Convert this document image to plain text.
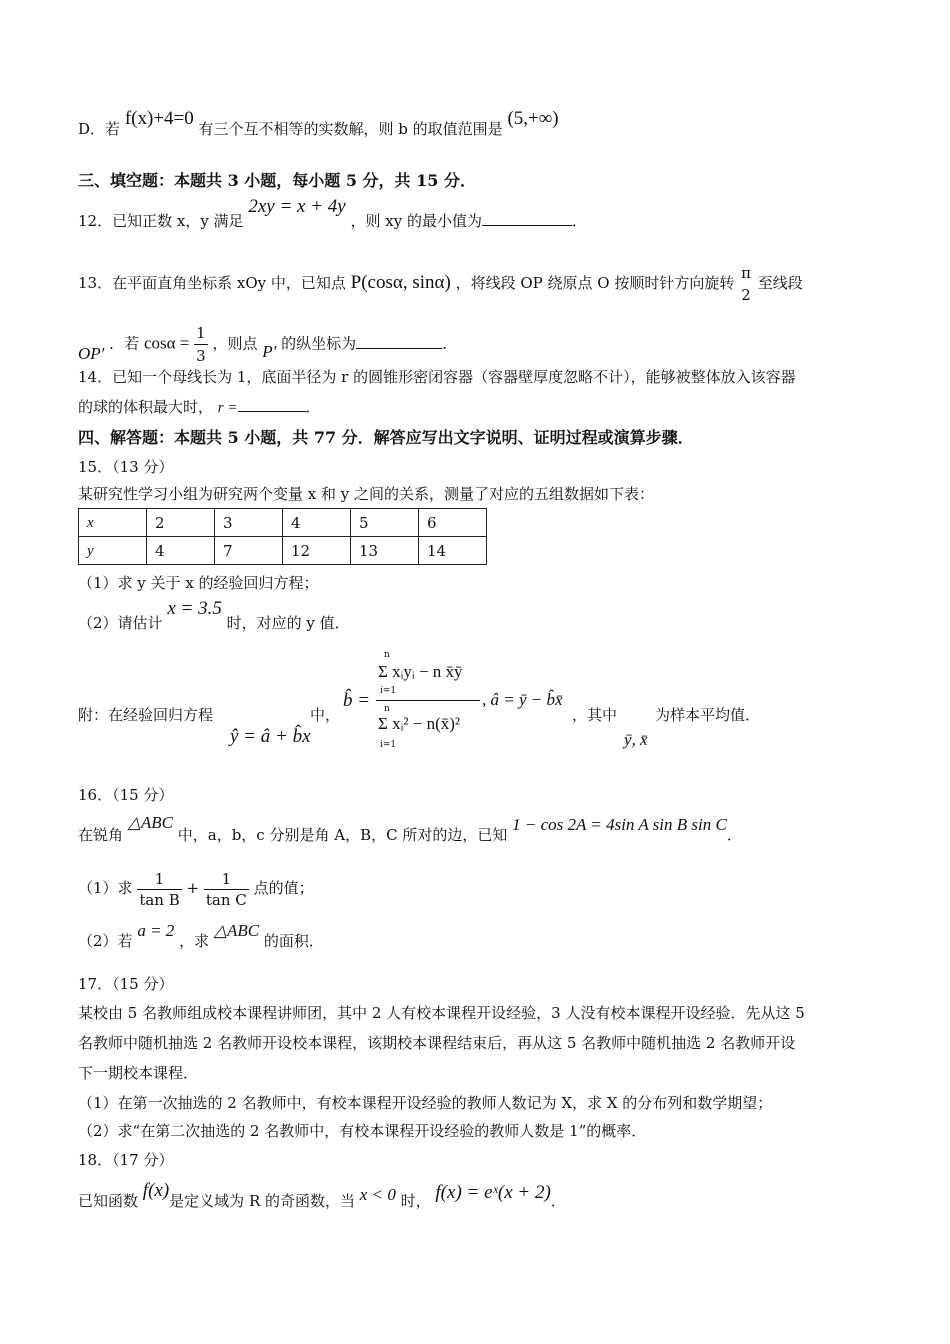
D．若 f(x)+4=0 有三个互不相等的实数解，则 b 的取值范围是 (5,+∞)
三、填空题：本题共 3 小题，每小题 5 分，共 15 分．
12．已知正数 x，y 满足 2xy = x + 4y ，则 xy 的最小值为	．
13．在平面直角坐标系 xOy 中，已知点 P(cosα, sinα) ，将线段 OP 绕原点 O 按顺时针方向旋转
π
2
至线段
OP′ ．若 $\cos\alpha = \frac{1}{3}$ ，则点 P′ 的纵坐标为	．
14．已知一个母线长为 1，底面半径为 r 的圆锥形密闭容器（容器壁厚度忽略不计），能够被整体放入该容器
的球的体积最大时， r =	．
四、解答题：本题共 5 小题，共 77 分．解答应写出文字说明、证明过程或演算步骤．
15．（13 分）
某研究性学习小组为研究两个变量 x 和 y 之间的关系，测量了对应的五组数据如下表：
x	2	3	4	5	6
y	4	7	12	13	14
（1）求 y 关于 x 的经验回归方程；
（2）请估计 x = 3.5 时，对应的 y 值．
附：在经验回归方程
ŷ = â + b̂x
中，
b̂ =
n
Σ xᵢyᵢ − n x̄ȳ
i=1
n
Σ xᵢ² − n(x̄)²
i=1
, â = ȳ − b̂x̄
，其中
ȳ, x̄
为样本平均值．
16．（15 分）
在锐角 △ABC 中，a，b，c 分别是角 A，B，C 所对的边，已知 1 − cos 2A = 4sin A sin B sin C．
（1）求 $\frac{1}{\text{tan B}} + \frac{1}{\text{tan C}}$ 点的值；
（2）若 a = 2 ，求 △ABC 的面积．
17．（15 分）
某校由 5 名教师组成校本课程讲师团，其中 2 人有校本课程开设经验，3 人没有校本课程开设经验．先从这 5
名教师中随机抽选 2 名教师开设校本课程，该期校本课程结束后，再从这 5 名教师中随机抽选 2 名教师开设
下一期校本课程．
（1）在第一次抽选的 2 名教师中，有校本课程开设经验的教师人数记为 X，求 X 的分布列和数学期望；
（2）求“在第二次抽选的 2 名教师中，有校本课程开设经验的教师人数是 1”的概率．
18．（17 分）
已知函数 f(x)是定义域为 R 的奇函数，当 x < 0 时， f(x) = eˣ(x + 2)．
